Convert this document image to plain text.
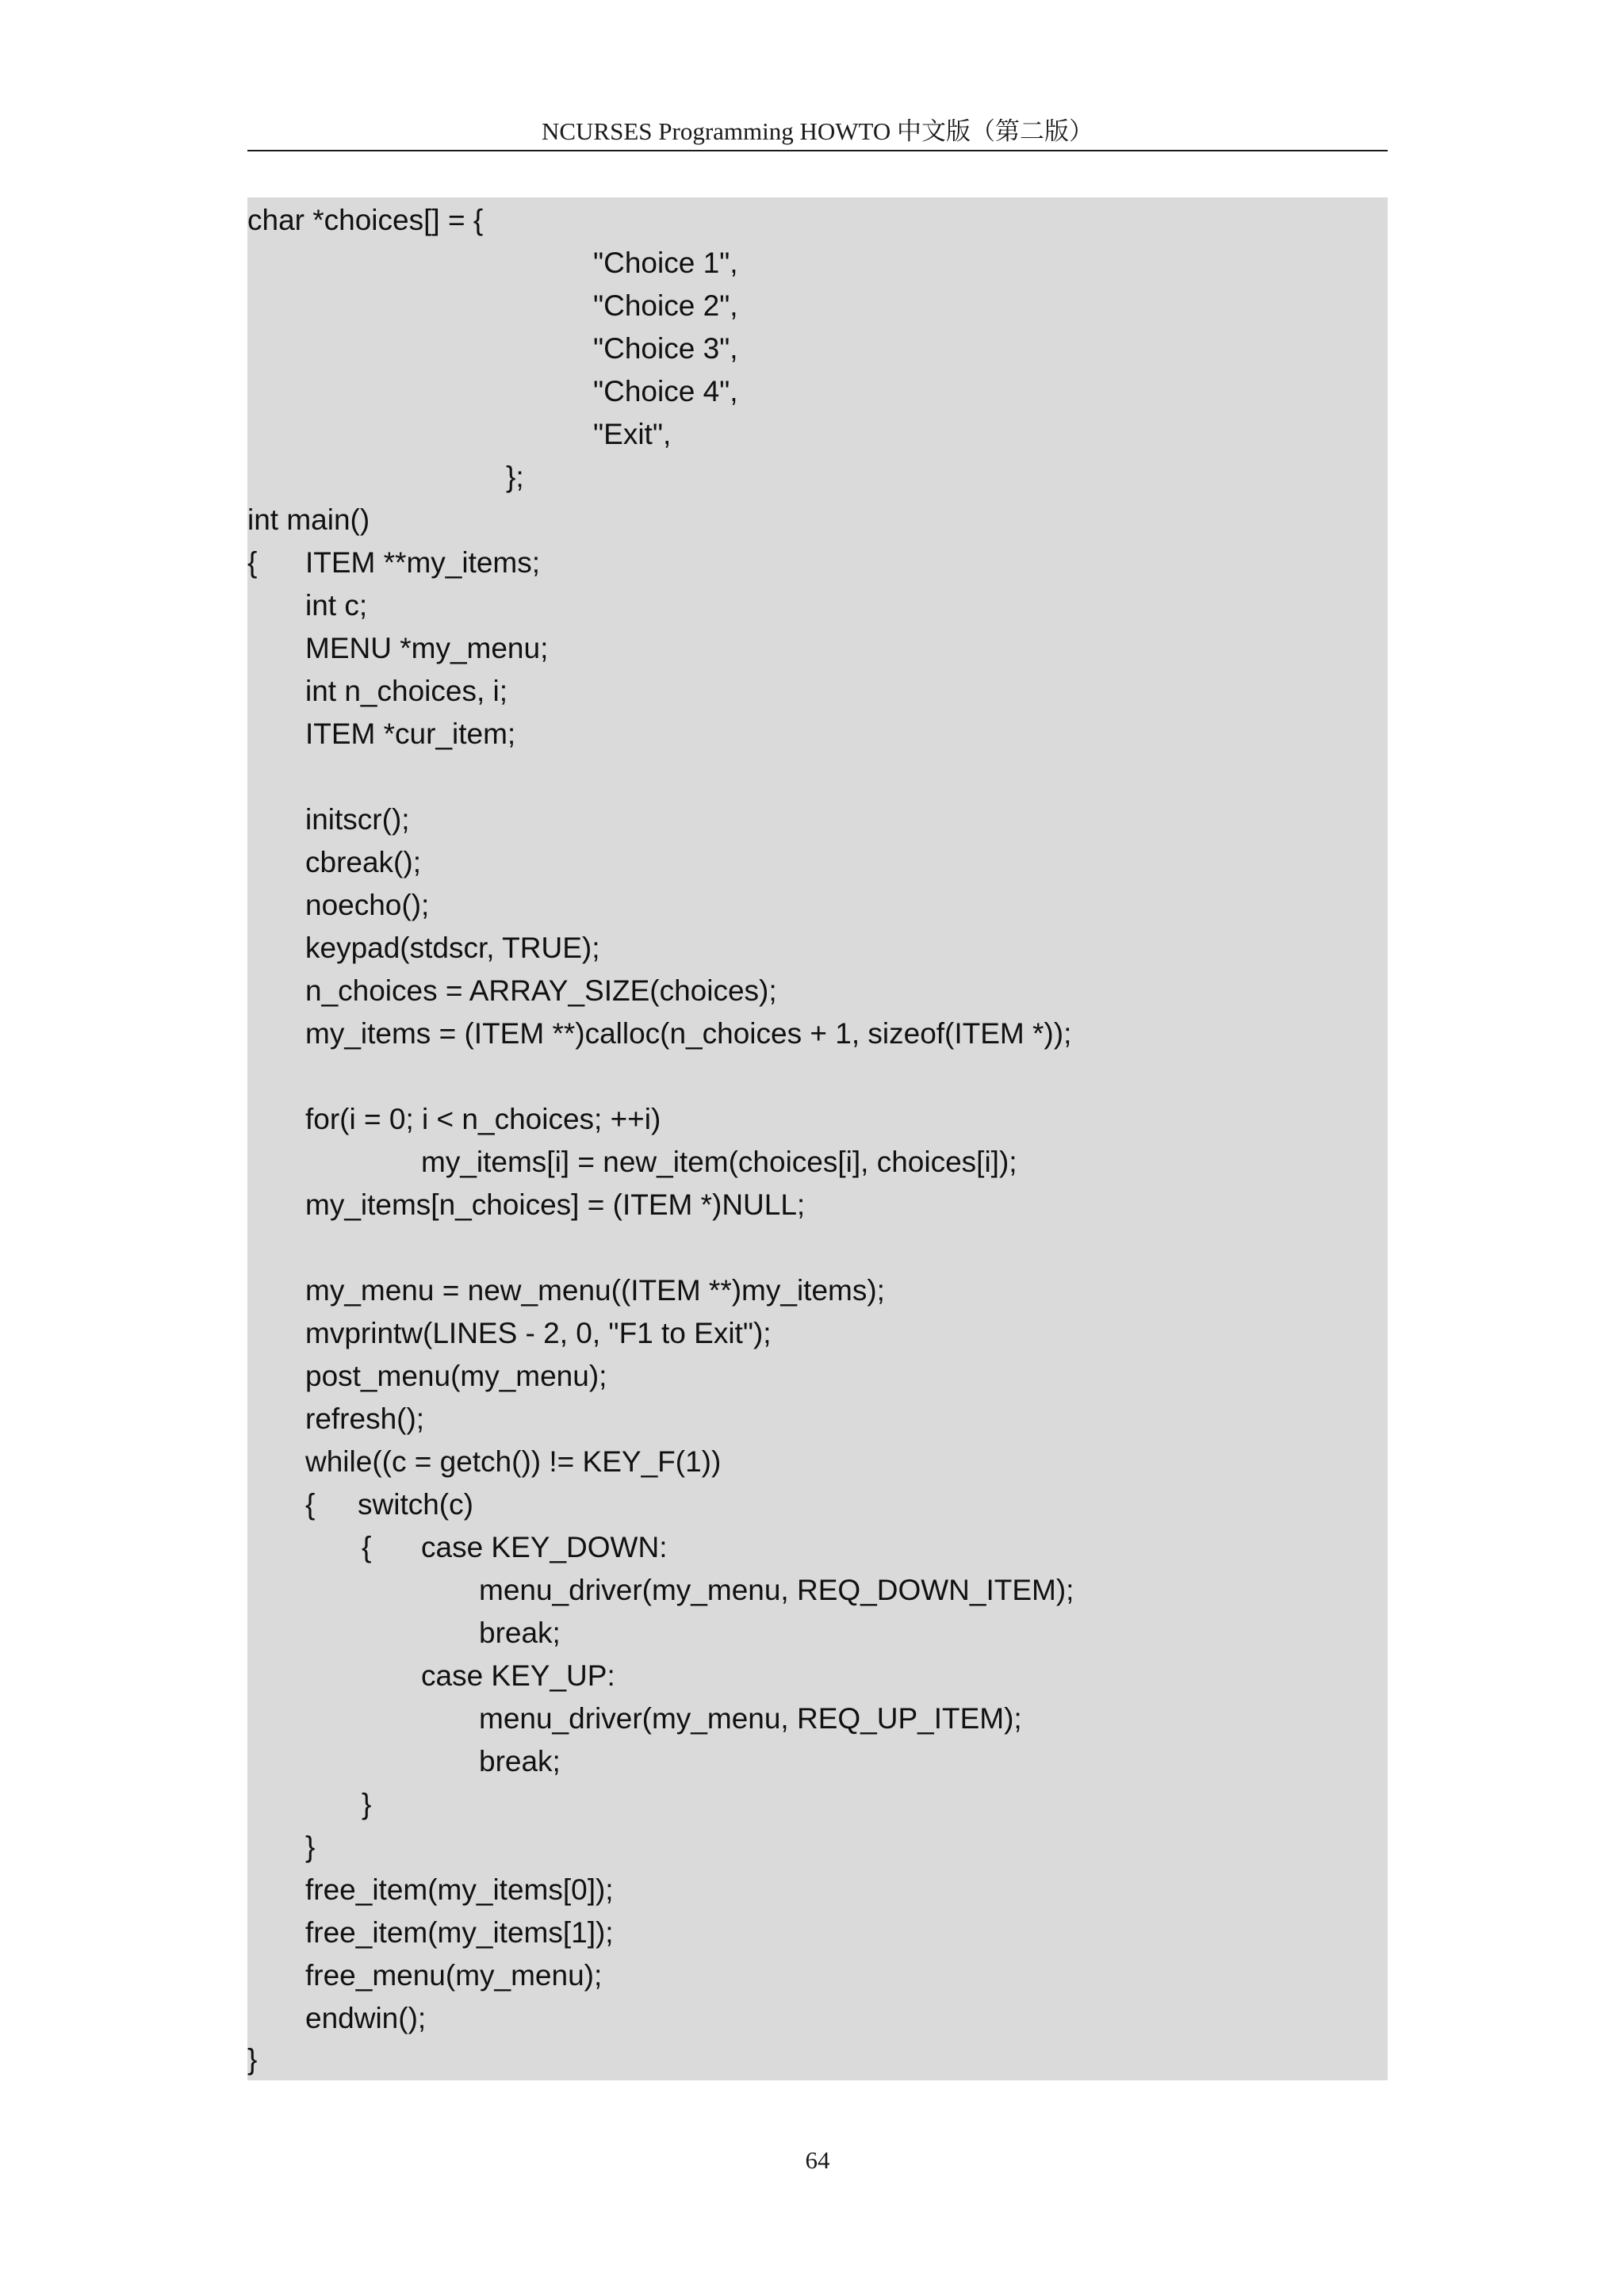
NCURSES Programming HOWTO 中文版（第二版）
char *choices[] = {
"Choice 1",
"Choice 2",
"Choice 3",
"Choice 4",
"Exit",
};
int main()
{ ITEM **my_items;
int c;
MENU *my_menu;
int n_choices, i;
ITEM *cur_item;
initscr();
cbreak();
noecho();
keypad(stdscr, TRUE);
n_choices = ARRAY_SIZE(choices);
my_items = (ITEM **)calloc(n_choices + 1, sizeof(ITEM *));
for(i = 0; i < n_choices; ++i)
my_items[i] = new_item(choices[i], choices[i]);
my_items[n_choices] = (ITEM *)NULL;
my_menu = new_menu((ITEM **)my_items);
mvprintw(LINES - 2, 0, "F1 to Exit");
post_menu(my_menu);
refresh();
while((c = getch()) != KEY_F(1))
{ switch(c)
{ case KEY_DOWN:
menu_driver(my_menu, REQ_DOWN_ITEM);
break;
case KEY_UP:
menu_driver(my_menu, REQ_UP_ITEM);
break;
}
}
free_item(my_items[0]);
free_item(my_items[1]);
free_menu(my_menu);
endwin();
}
64
